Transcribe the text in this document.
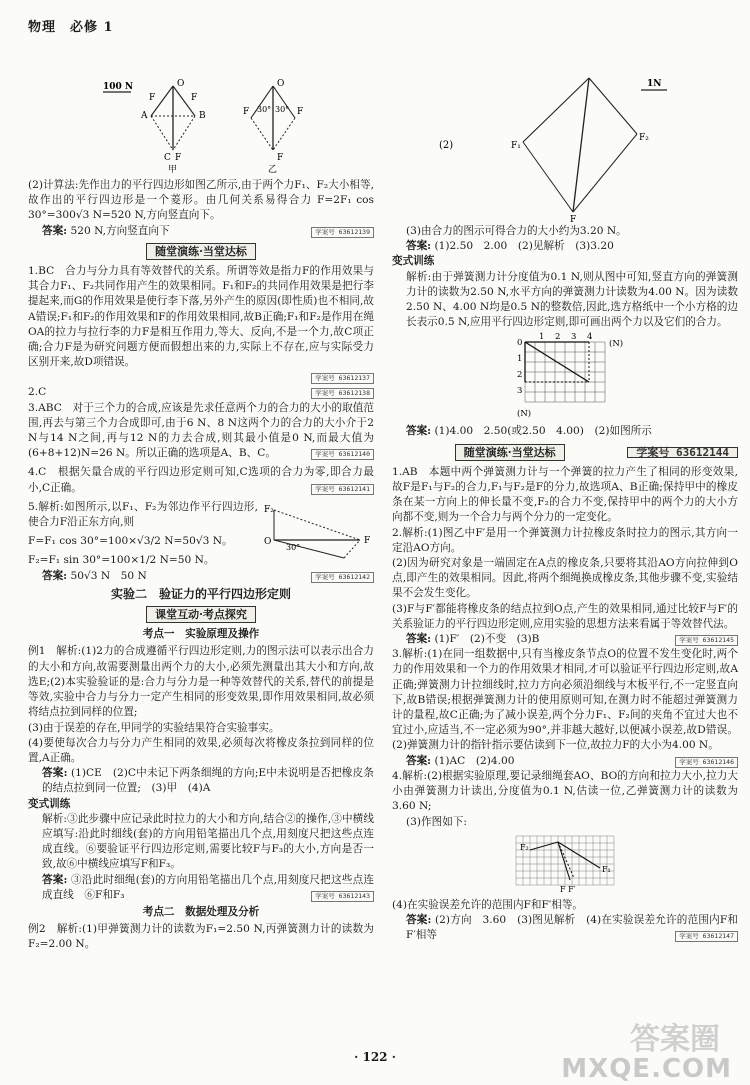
物理　必修 1
100 N	O
F	F
A	B
C F
甲
O
F	F
30° 30°
F
乙

(2)计算法:先作出力的平行四边形如图乙所示,由于两个力F₁、F₂大小相等,故作出的平行四边形是一个菱形。由几何关系易得合力 F=2F₁ cos 30°=300√3 N=520 N,方向竖直向下。

答案: 520 N,方向竖直向下	学案号 63612139

随堂演练·当堂达标

1.BC　合力与分力具有等效替代的关系。所谓等效是指力F的作用效果与其合力F₁、F₂共同作用产生的效果相同。F₁和F₂的共同作用效果是把行李提起来,而G的作用效果是使行李下落,另外产生的原因(即性质)也不相同,故A错误;F₁和F₂的作用效果和F的作用效果相同,故B正确;F₁和F₂是作用在绳OA的拉力与拉行李的力F是相互作用力,等大、反向,不是一个力,故C项正确;合力F是为研究问题方便而假想出来的力,实际上不存在,应与实际受力区别开来,故D项错误。

学案号 63612137

2.C	学案号 63612138

3.ABC　对于三个力的合成,应该是先求任意两个力的合力的大小的取值范围,再去与第三个力合成即可,由于6 N、8 N这两个力的合力的大小介于2 N与14 N之间,再与12 N的力去合成,则其最小值是0 N,而最大值为(6+8+12)N=26 N。所以正确的选项是A、B、C。	学案号 63612140

4.C　根据矢量合成的平行四边形定则可知,C选项的合力为零,即合力最小,C正确。	学案号 63612141

5.解析:如图所示,以F₁、F₂为邻边作平行四边形,使合力F沿正东方向,则

F₂
O
30°
F

F=F₁ cos 30°=100×√3/2 N=50√3 N。

F₂=F₁ sin 30°=100×1/2 N=50 N。

答案: 50√3 N　50 N	学案号 63612142

实验二　验证力的平行四边形定则
课堂互动·考点探究
考点一　实验原理及操作

例1　解析:(1)2力的合成遵循平行四边形定则,力的图示法可以表示出合力的大小和方向,故需要测量出两个力的大小,必须先测量出其大小和方向,故选E;(2)本实验验证的是:合力与分力是一种等效替代的关系,替代的前提是等效,实验中合力与分力一定产生相同的形变效果,即作用效果相同,故必须将结点拉到同样的位置;

(3)由于误差的存在,甲同学的实验结果符合实验事实。

(4)要使每次合力与分力产生相同的效果,必须每次将橡皮条拉到同样的位置,A正确。

答案: (1)CE　(2)C中未记下两条细绳的方向;E中未说明是否把橡皮条的结点拉到同一位置;　(3)甲　(4)A

变式训练

解析:③此步骤中应记录此时拉力的大小和方向,结合②的操作,③中横线应填写:沿此时细线(套)的方向用铅笔描出几个点,用刻度尺把这些点连成直线。⑥要验证平行四边形定则,需要比较F与F₃的大小,方向是否一致,故⑥中横线应填写F和F₃。

答案: ③沿此时细绳(套)的方向用铅笔描出几个点,用刻度尺把这些点连成直线　⑥F和F₃	学案号 63612143

考点二　数据处理及分析

例2　解析:(1)甲弹簧测力计的读数为F₁=2.50 N,丙弹簧测力计的读数为F₂=2.00 N。

1N
F₁
F₂
F
(2)

(3)由合力的图示可得合力的大小约为3.20 N。

答案: (1)2.50　2.00　(2)见解析　(3)3.20

变式训练

解析:由于弹簧测力计分度值为0.1 N,则从图中可知,竖直方向的弹簧测力计的读数为2.50 N,水平方向的弹簧测力计读数为4.00 N。因为读数2.50 N、4.00 N均是0.5 N的整数倍,因此,选方格纸中一个小方格的边长表示0.5 N,应用平行四边形定则,即可画出两个力以及它们的合力。

1 2 3 4
(N)
0
1
2
3
(N)

答案: (1)4.00　2.50(或2.50　4.00)　(2)如图所示

随堂演练·当堂达标	学案号 63612144

1.AB　本题中两个弹簧测力计与一个弹簧的拉力产生了相同的形变效果,故F是F₁与F₂的合力,F₁与F₂是F的分力,故选项A、B正确;保持甲中的橡皮条在某一方向上的伸长量不变,F₂的合力不变,保持甲中的两个力的大小方向都不变,则为一个合力与两个分力的一定变化。

2.解析:(1)图乙中F′是用一个弹簧测力计拉橡皮条时拉力的图示,其方向一定沿AO方向。

(2)因为研究对象是一端固定在A点的橡皮条,只要将其沿AO方向拉伸到O点,即产生的效果相同。因此,将两个细绳换成橡皮条,其他步骤不变,实验结果不会发生变化。

(3)F与F′都能将橡皮条的结点拉到O点,产生的效果相同,通过比较F与F′的关系验证力的平行四边形定则,应用实验的思想方法来看属于等效替代法。

答案: (1)F′　(2)不变　(3)B	学案号 63612145

3.解析:(1)在同一组数据中,只有当橡皮条节点O的位置不发生变化时,两个力的作用效果和一个力的作用效果才相同,才可以验证平行四边形定则,故A正确;弹簧测力计拉细线时,拉力方向必须沿细线与木板平行,不一定竖直向下,故B错误;根据弹簧测力计的使用原则可知,在测力时不能超过弹簧测力计的量程,故C正确;为了减小误差,两个分力F₁、F₂间的夹角不宜过大也不宜过小,应适当,不一定必须为90°,并非越大越好,以便减小误差,故D错误。(2)弹簧测力计的指针指示要估读到下一位,故拉力F的大小为4.00 N。

答案: (1)AC　(2)4.00	学案号 63612146

4.解析:(2)根据实验原理,要记录细绳套AO、BO的方向和拉力大小,拉力大小由弹簧测力计读出,分度值为0.1 N,估读一位,乙弹簧测力计的读数为3.60 N;

(3)作图如下:

F₂
F₁
F F′

(4)在实验误差允许的范围内F和F′相等。

答案: (2)方向　3.60　(3)图见解析　(4)在实验误差允许的范围内F和F′相等	学案号 63612147

· 122 ·
答案圈
MXQE.COM
